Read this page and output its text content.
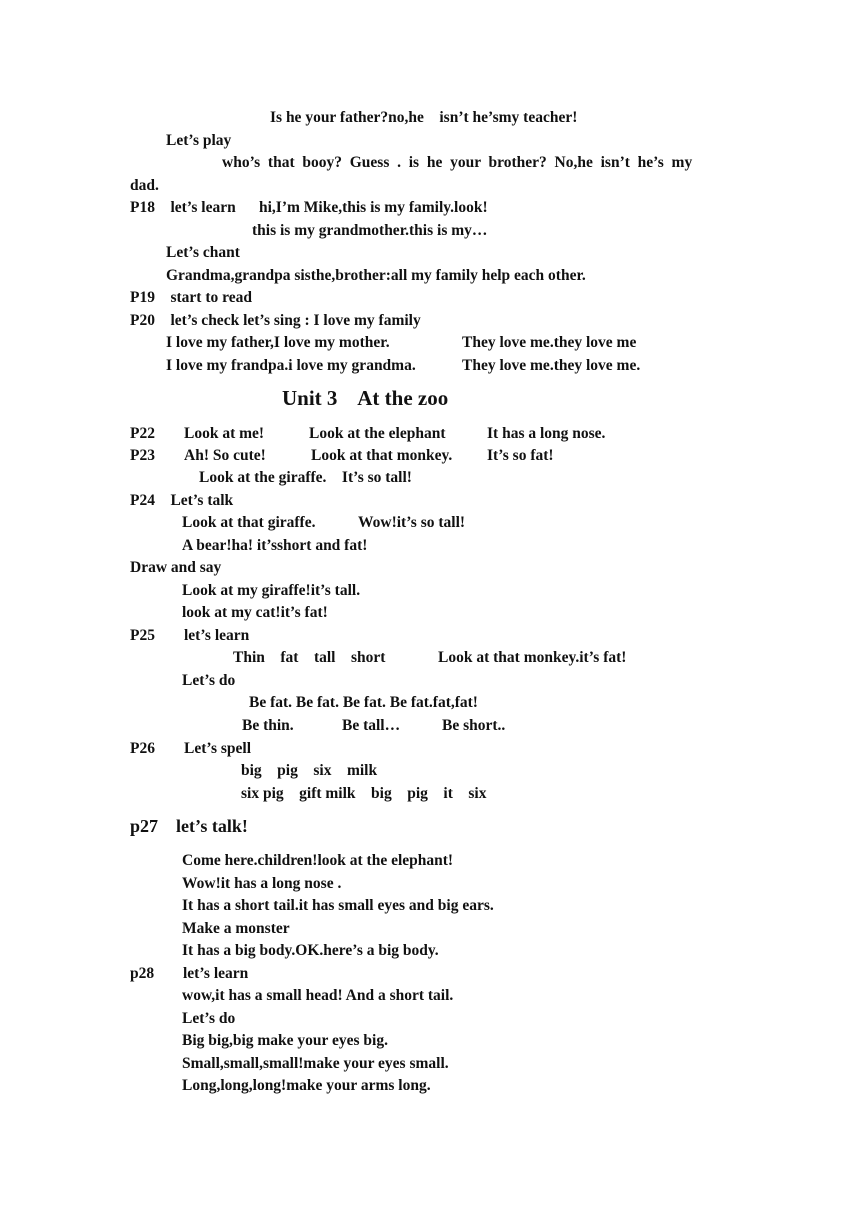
Is he your father?no,he    isn’t he’smy teacher!
Let’s play
who’s  that  booy?  Guess  .  is  he  your  brother?  No,he  isn’t  he’s  my
dad.
P18    let’s learn      hi,I’m Mike,this is my family.look!
this is my grandmother.this is my…
Let’s chant
Grandma,grandpa sisthe,brother:all my family help each other.
P19    start to read
P20    let’s check let’s sing : I love my family
I love my father,I love my mother.	They love me.they love me
I love my frandpa.i love my grandma.	They love me.they love me.
Unit 3    At the zoo
P22 Look at me!	Look at the elephant	It has a long nose.
P23 Ah! So cute!	Look at that monkey. It’s so fat!
Look at the giraffe.    It’s so tall!
P24    Let’s talk
Look at that giraffe.	Wow!it’s so tall!
A bear!ha! it’sshort and fat!
Draw and say
Look at my giraffe!it’s tall.
look at my cat!it’s fat!
P25 let’s learn
Thin    fat    tall    short	Look at that monkey.it’s fat!
Let’s do
Be fat. Be fat. Be fat. Be fat.fat,fat!
Be thin.	Be tall…	Be short..
P26 Let’s spell
big    pig    six    milk
six pig    gift milk    big    pig    it    six
p27    let’s talk!
Come here.children!look at the elephant!
Wow!it has a long nose .
It has a short tail.it has small eyes and big ears.
Make a monster
It has a big body.OK.here’s a big body.
p28 let’s learn
wow,it has a small head! And a short tail.
Let’s do
Big big,big make your eyes big.
Small,small,small!make your eyes small.
Long,long,long!make your arms long.
